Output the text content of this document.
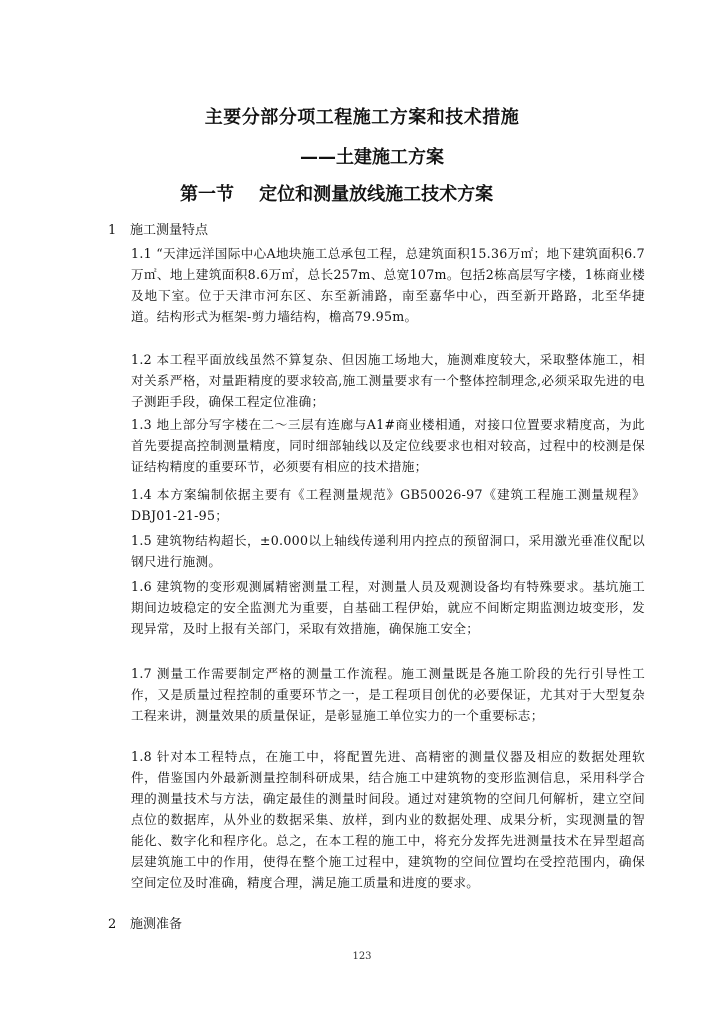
主要分部分项工程施工方案和技术措施
——土建施工方案
第一节    定位和测量放线施工技术方案
1 施工测量特点
1.1 “天津远洋国际中心A地块施工总承包工程，总建筑面积15.36万㎡；地下建筑面积6.7万㎡、地上建筑面积8.6万㎡，总长257m、总宽107m。包括2栋高层写字楼，1栋商业楼及地下室。位于天津市河东区、东至新浦路，南至嘉华中心，西至新开路路，北至华捷道。结构形式为框架-剪力墙结构，檐高79.95m。
1.2 本工程平面放线虽然不算复杂、但因施工场地大，施测难度较大，采取整体施工，相对关系严格，对量距精度的要求较高,施工测量要求有一个整体控制理念,必须采取先进的电子测距手段，确保工程定位准确；
1.3 地上部分写字楼在二～三层有连廊与A1#商业楼相通，对接口位置要求精度高，为此首先要提高控制测量精度，同时细部轴线以及定位线要求也相对较高，过程中的校测是保证结构精度的重要环节，必须要有相应的技术措施；
1.4 本方案编制依据主要有《工程测量规范》GB50026-97《建筑工程施工测量规程》DBJ01-21-95；
1.5 建筑物结构超长，±0.000以上轴线传递利用内控点的预留洞口，采用激光垂准仪配以钢尺进行施测。
1.6 建筑物的变形观测属精密测量工程，对测量人员及观测设备均有特殊要求。基坑施工期间边坡稳定的安全监测尤为重要，自基础工程伊始，就应不间断定期监测边坡变形，发现异常，及时上报有关部门，采取有效措施，确保施工安全；
1.7 测量工作需要制定严格的测量工作流程。施工测量既是各施工阶段的先行引导性工作，又是质量过程控制的重要环节之一，是工程项目创优的必要保证，尤其对于大型复杂工程来讲，测量效果的质量保证，是彰显施工单位实力的一个重要标志；
1.8 针对本工程特点，在施工中，将配置先进、高精密的测量仪器及相应的数据处理软件，借鉴国内外最新测量控制科研成果，结合施工中建筑物的变形监测信息，采用科学合理的测量技术与方法，确定最佳的测量时间段。通过对建筑物的空间几何解析，建立空间点位的数据库，从外业的数据采集、放样，到内业的数据处理、成果分析，实现测量的智能化、数字化和程序化。总之，在本工程的施工中，将充分发挥先进测量技术在异型超高层建筑施工中的作用，使得在整个施工过程中，建筑物的空间位置均在受控范围内，确保空间定位及时准确，精度合理，满足施工质量和进度的要求。
2 施测准备
123
